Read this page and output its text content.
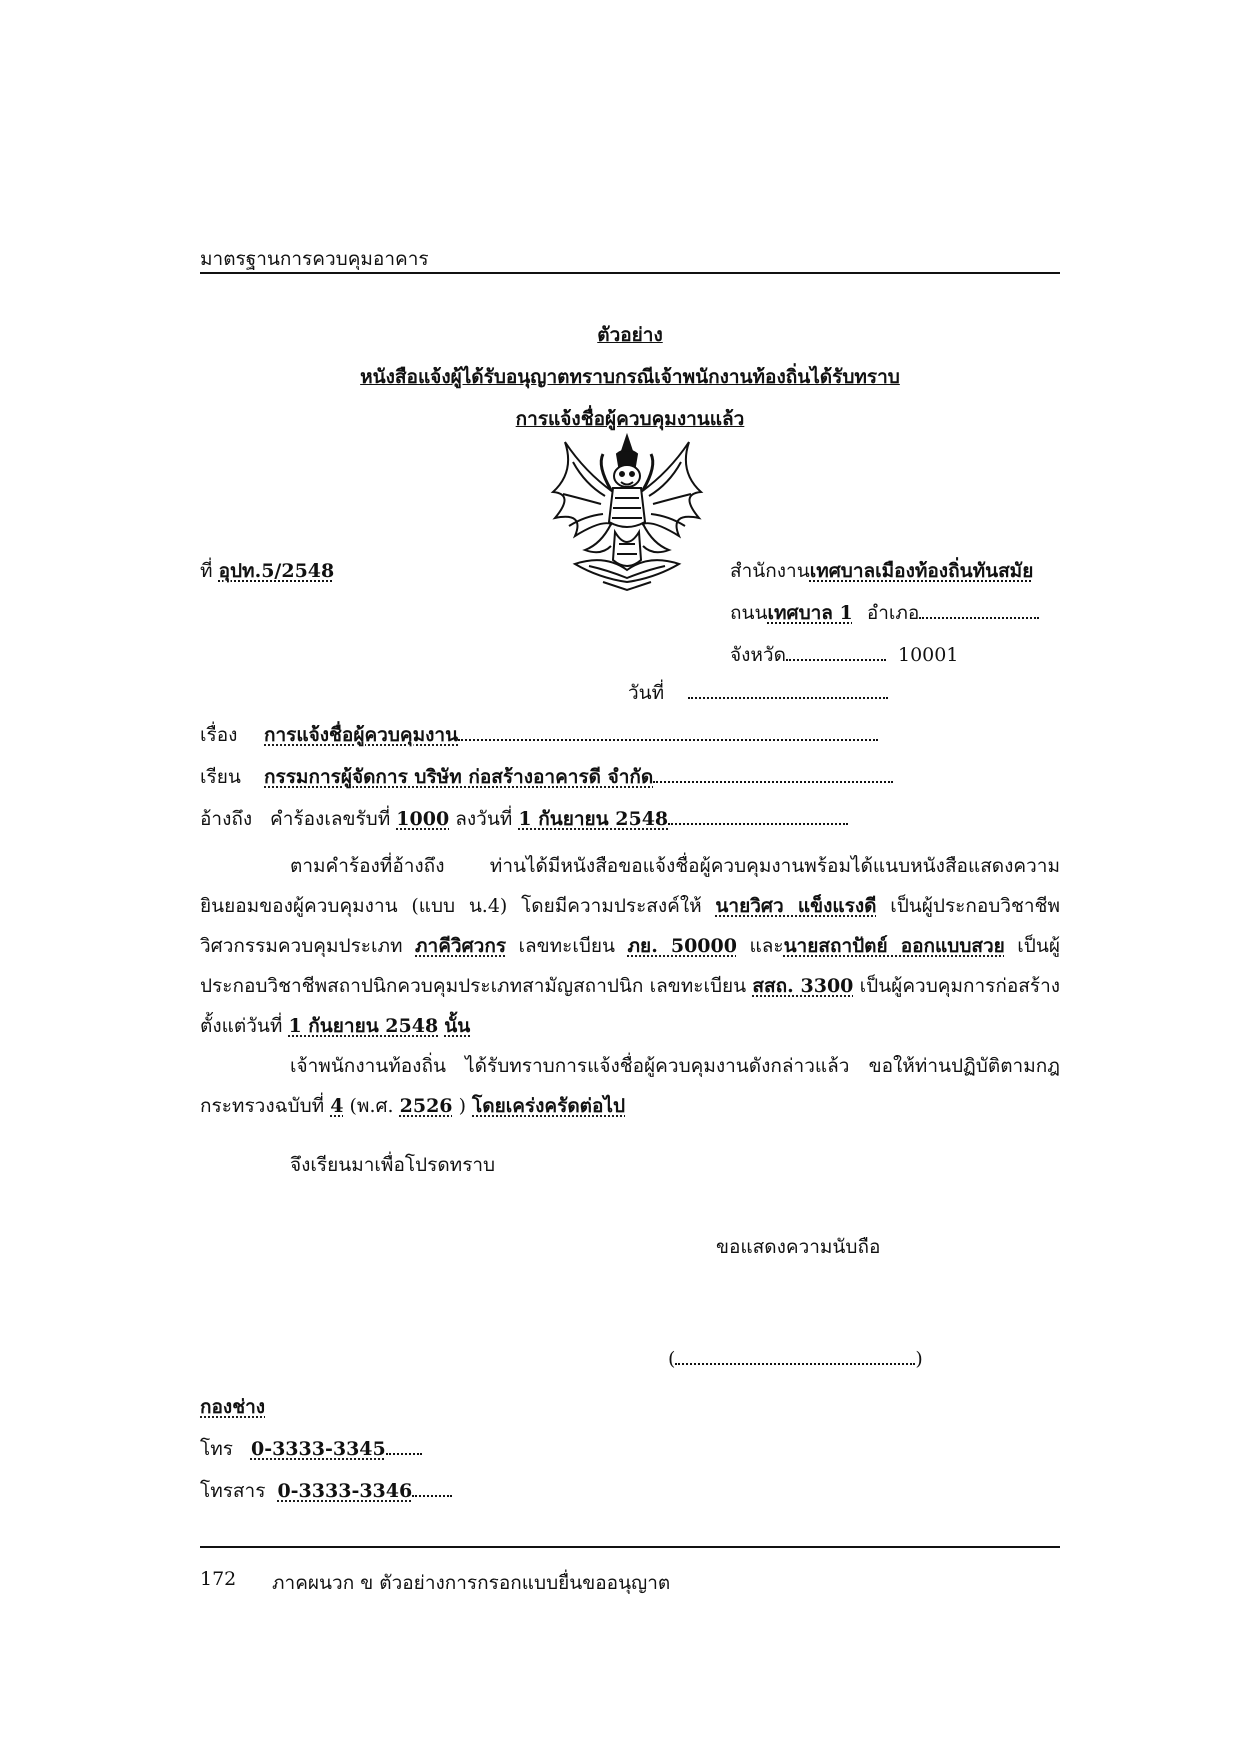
มาตรฐานการควบคุมอาคาร
ตัวอย่าง
หนังสือแจ้งผู้ได้รับอนุญาตทราบกรณีเจ้าพนักงานท้องถิ่นได้รับทราบ
การแจ้งชื่อผู้ควบคุมงานแล้ว
ที่ อุปท.5/2548	สำนักงานเทศบาลเมืองท้องถิ่นทันสมัย
ถนนเทศบาล 1 อำเภอ
จังหวัด	10001
วันที่
เรื่อง การแจ้งชื่อผู้ควบคุมงาน
เรียน กรรมการผู้จัดการ บริษัท ก่อสร้างอาคารดี จำกัด
อ้างถึง คำร้องเลขรับที่ 1000 ลงวันที่ 1 กันยายน 2548
ตามคำร้องที่อ้างถึง ท่านได้มีหนังสือขอแจ้งชื่อผู้ควบคุมงานพร้อมได้แนบหนังสือแสดงความยินยอมของผู้ควบคุมงาน (แบบ น.4) โดยมีความประสงค์ให้ นายวิศว แข็งแรงดี เป็นผู้ประกอบวิชาชีพวิศวกรรมควบคุมประเภท ภาคีวิศวกร เลขทะเบียน ภย. 50000 และนายสถาปัตย์ ออกแบบสวย เป็นผู้ประกอบวิชาชีพสถาปนิกควบคุมประเภทสามัญสถาปนิก เลขทะเบียน สสถ. 3300 เป็นผู้ควบคุมการก่อสร้างตั้งแต่วันที่ 1 กันยายน 2548 นั้น
เจ้าพนักงานท้องถิ่น ได้รับทราบการแจ้งชื่อผู้ควบคุมงานดังกล่าวแล้ว ขอให้ท่านปฏิบัติตามกฎกระทรวงฉบับที่ 4 (พ.ศ. 2526 ) โดยเคร่งครัดต่อไป
จึงเรียนมาเพื่อโปรดทราบ
ขอแสดงความนับถือ
(	)
กองช่าง
โทร 0-3333-3345
โทรสาร 0-3333-3346
172 ภาคผนวก ข ตัวอย่างการกรอกแบบยื่นขออนุญาต
